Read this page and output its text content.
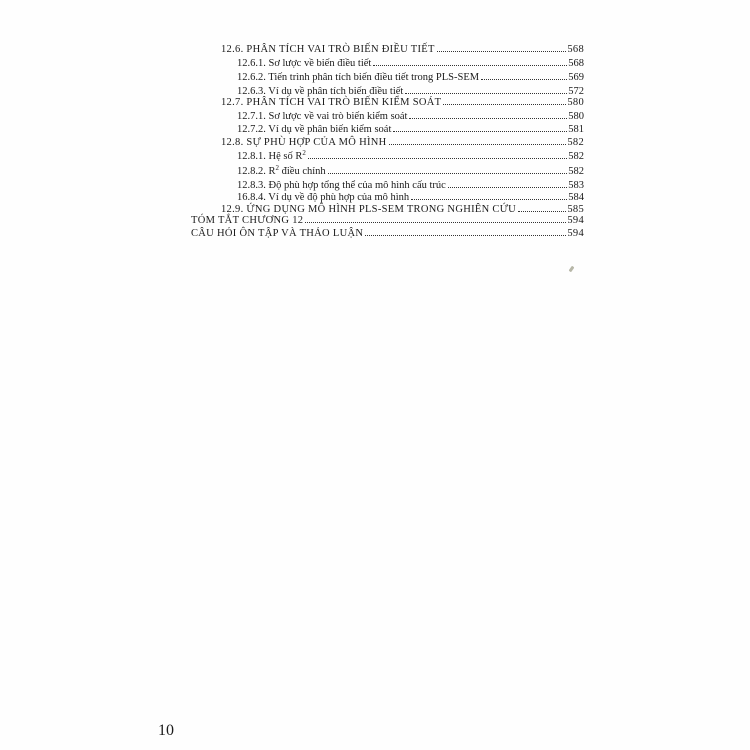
12.6. PHÂN TÍCH VAI TRÒ BIẾN ĐIỀU TIẾT	568
12.6.1. Sơ lược về biến điều tiết	568
12.6.2. Tiến trình phân tích biến điều tiết trong PLS-SEM	569
12.6.3. Ví dụ về phân tích biến điều tiết	572
12.7. PHÂN TÍCH VAI TRÒ BIẾN KIỂM SOÁT	580
12.7.1. Sơ lược về vai trò biến kiểm soát	580
12.7.2. Ví dụ về phân biến kiểm soát	581
12.8. SỰ PHÙ HỢP CỦA MÔ HÌNH	582
12.8.1. Hệ số $R^2$	582
12.8.2. $R^2$ điều chỉnh	582
12.8.3. Độ phù hợp tổng thể của mô hình cấu trúc	583
16.8.4. Ví dụ về độ phù hợp của mô hình	584
12.9. ỨNG DỤNG MÔ HÌNH PLS-SEM TRONG NGHIÊN CỨU	585
TÓM TẮT CHƯƠNG 12	594
CÂU HỎI ÔN TẬP VÀ THẢO LUẬN	594
10
